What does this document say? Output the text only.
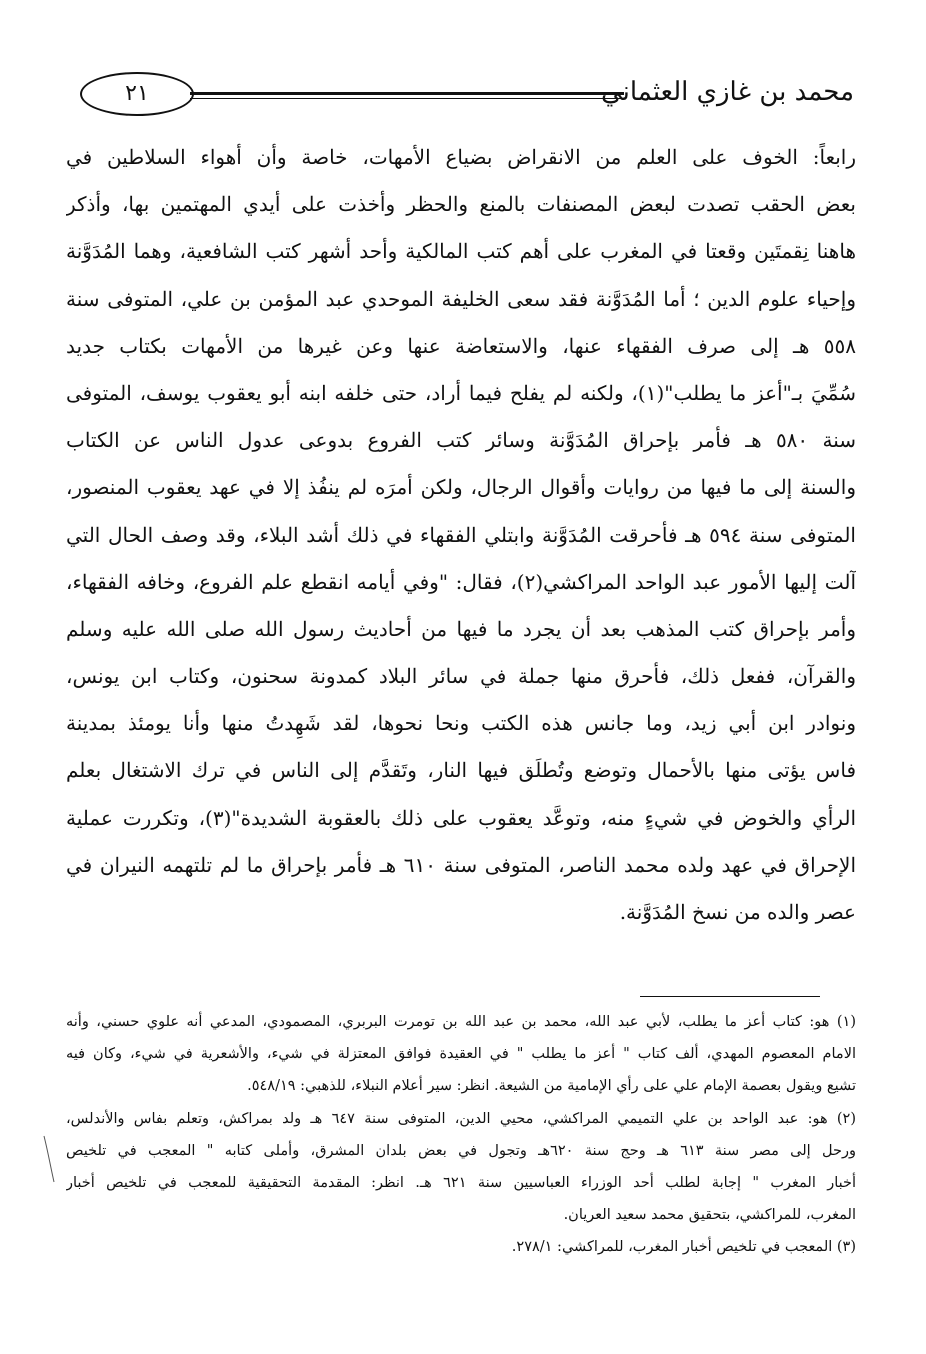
٢١	محمد بن غازي العثماني
رابعاً: الخوف على العلم من الانقراض بضياع الأمهات، خاصة وأن أهواء السلاطين في
بعض الحقب تصدت لبعض المصنفات بالمنع والحظر وأخذت على أيدي المهتمين بها، وأذكر
هاهنا نِقمتَين وقعتا في المغرب على أهم كتب المالكية وأحد أشهر كتب الشافعية، وهما المُدَوَّنة
وإحياء علوم الدين ؛ أما المُدَوَّنة فقد سعى الخليفة الموحدي عبد المؤمن بن علي، المتوفى سنة
٥٥٨ هـ إلى صرف الفقهاء عنها، والاستعاضة عنها وعن غيرها من الأمهات بكتاب جديد
سُمِّيَ بـ"أعز ما يطلب"(١)، ولكنه لم يفلح فيما أراد، حتى خلفه ابنه أبو يعقوب يوسف، المتوفى
سنة ٥٨٠ هـ فأمر بإحراق المُدَوَّنة وسائر كتب الفروع بدوعى عدول الناس عن الكتاب
والسنة إلى ما فيها من روايات وأقوال الرجال، ولكن أمرَه لم ينفُذ إلا في عهد يعقوب المنصور،
المتوفى سنة ٥٩٤ هـ فأحرقت المُدَوَّنة وابتلي الفقهاء في ذلك أشد البلاء، وقد وصف الحال التي
آلت إليها الأمور عبد الواحد المراكشي(٢)، فقال: "وفي أيامه انقطع علم الفروع، وخافه الفقهاء،
وأمر بإحراق كتب المذهب بعد أن يجرد ما فيها من أحاديث رسول الله صلى الله عليه وسلم
والقرآن، ففعل ذلك، فأحرق منها جملة في سائر البلاد كمدونة سحنون، وكتاب ابن يونس،
ونوادر ابن أبي زيد، وما جانس هذه الكتب ونحا نحوها، لقد شَهِدتُ منها وأنا يومئذ بمدينة
فاس يؤتى منها بالأحمال وتوضع وتُطلَق فيها النار، وتَقدَّم إلى الناس في ترك الاشتغال بعلم
الرأي والخوض في شيءٍ منه، وتوعَّد يعقوب على ذلك بالعقوبة الشديدة"(٣)، وتكررت عملية
الإحراق في عهد ولده محمد الناصر، المتوفى سنة ٦١٠ هـ فأمر بإحراق ما لم تلتهمه النيران في
عصر والده من نسخ المُدَوَّنة.
(١) هو: كتاب أعز ما يطلب، لأبي عبد الله، محمد بن عبد الله بن تومرت البربري، المصمودي، المدعي أنه علوي حسني، وأنه
الامام المعصوم المهدي، ألف كتاب " أعز ما يطلب " في العقيدة فوافق المعتزلة في شيء، والأشعرية في شيء، وكان فيه
تشيع ويقول بعصمة الإمام علي على رأي الإمامية من الشيعة. انظر: سير أعلام النبلاء، للذهبي: ٥٤٨/١٩.
(٢) هو: عبد الواحد بن علي التميمي المراكشي، محيي الدين، المتوفى سنة ٦٤٧ هـ ولد بمراكش، وتعلم بفاس والأندلس،
ورحل إلى مصر سنة ٦١٣ هـ وحج سنة ٦٢٠هـ وتجول في بعض بلدان المشرق، وأملى كتابه " المعجب في تلخيص
أخبار المغرب " إجابة لطلب أحد الوزراء العباسيين سنة ٦٢١ هـ. انظر: المقدمة التحقيقية للمعجب في تلخيص أخبار
المغرب، للمراكشي، بتحقيق محمد سعيد العريان.
(٣) المعجب في تلخيص أخبار المغرب، للمراكشي: ٢٧٨/١.
